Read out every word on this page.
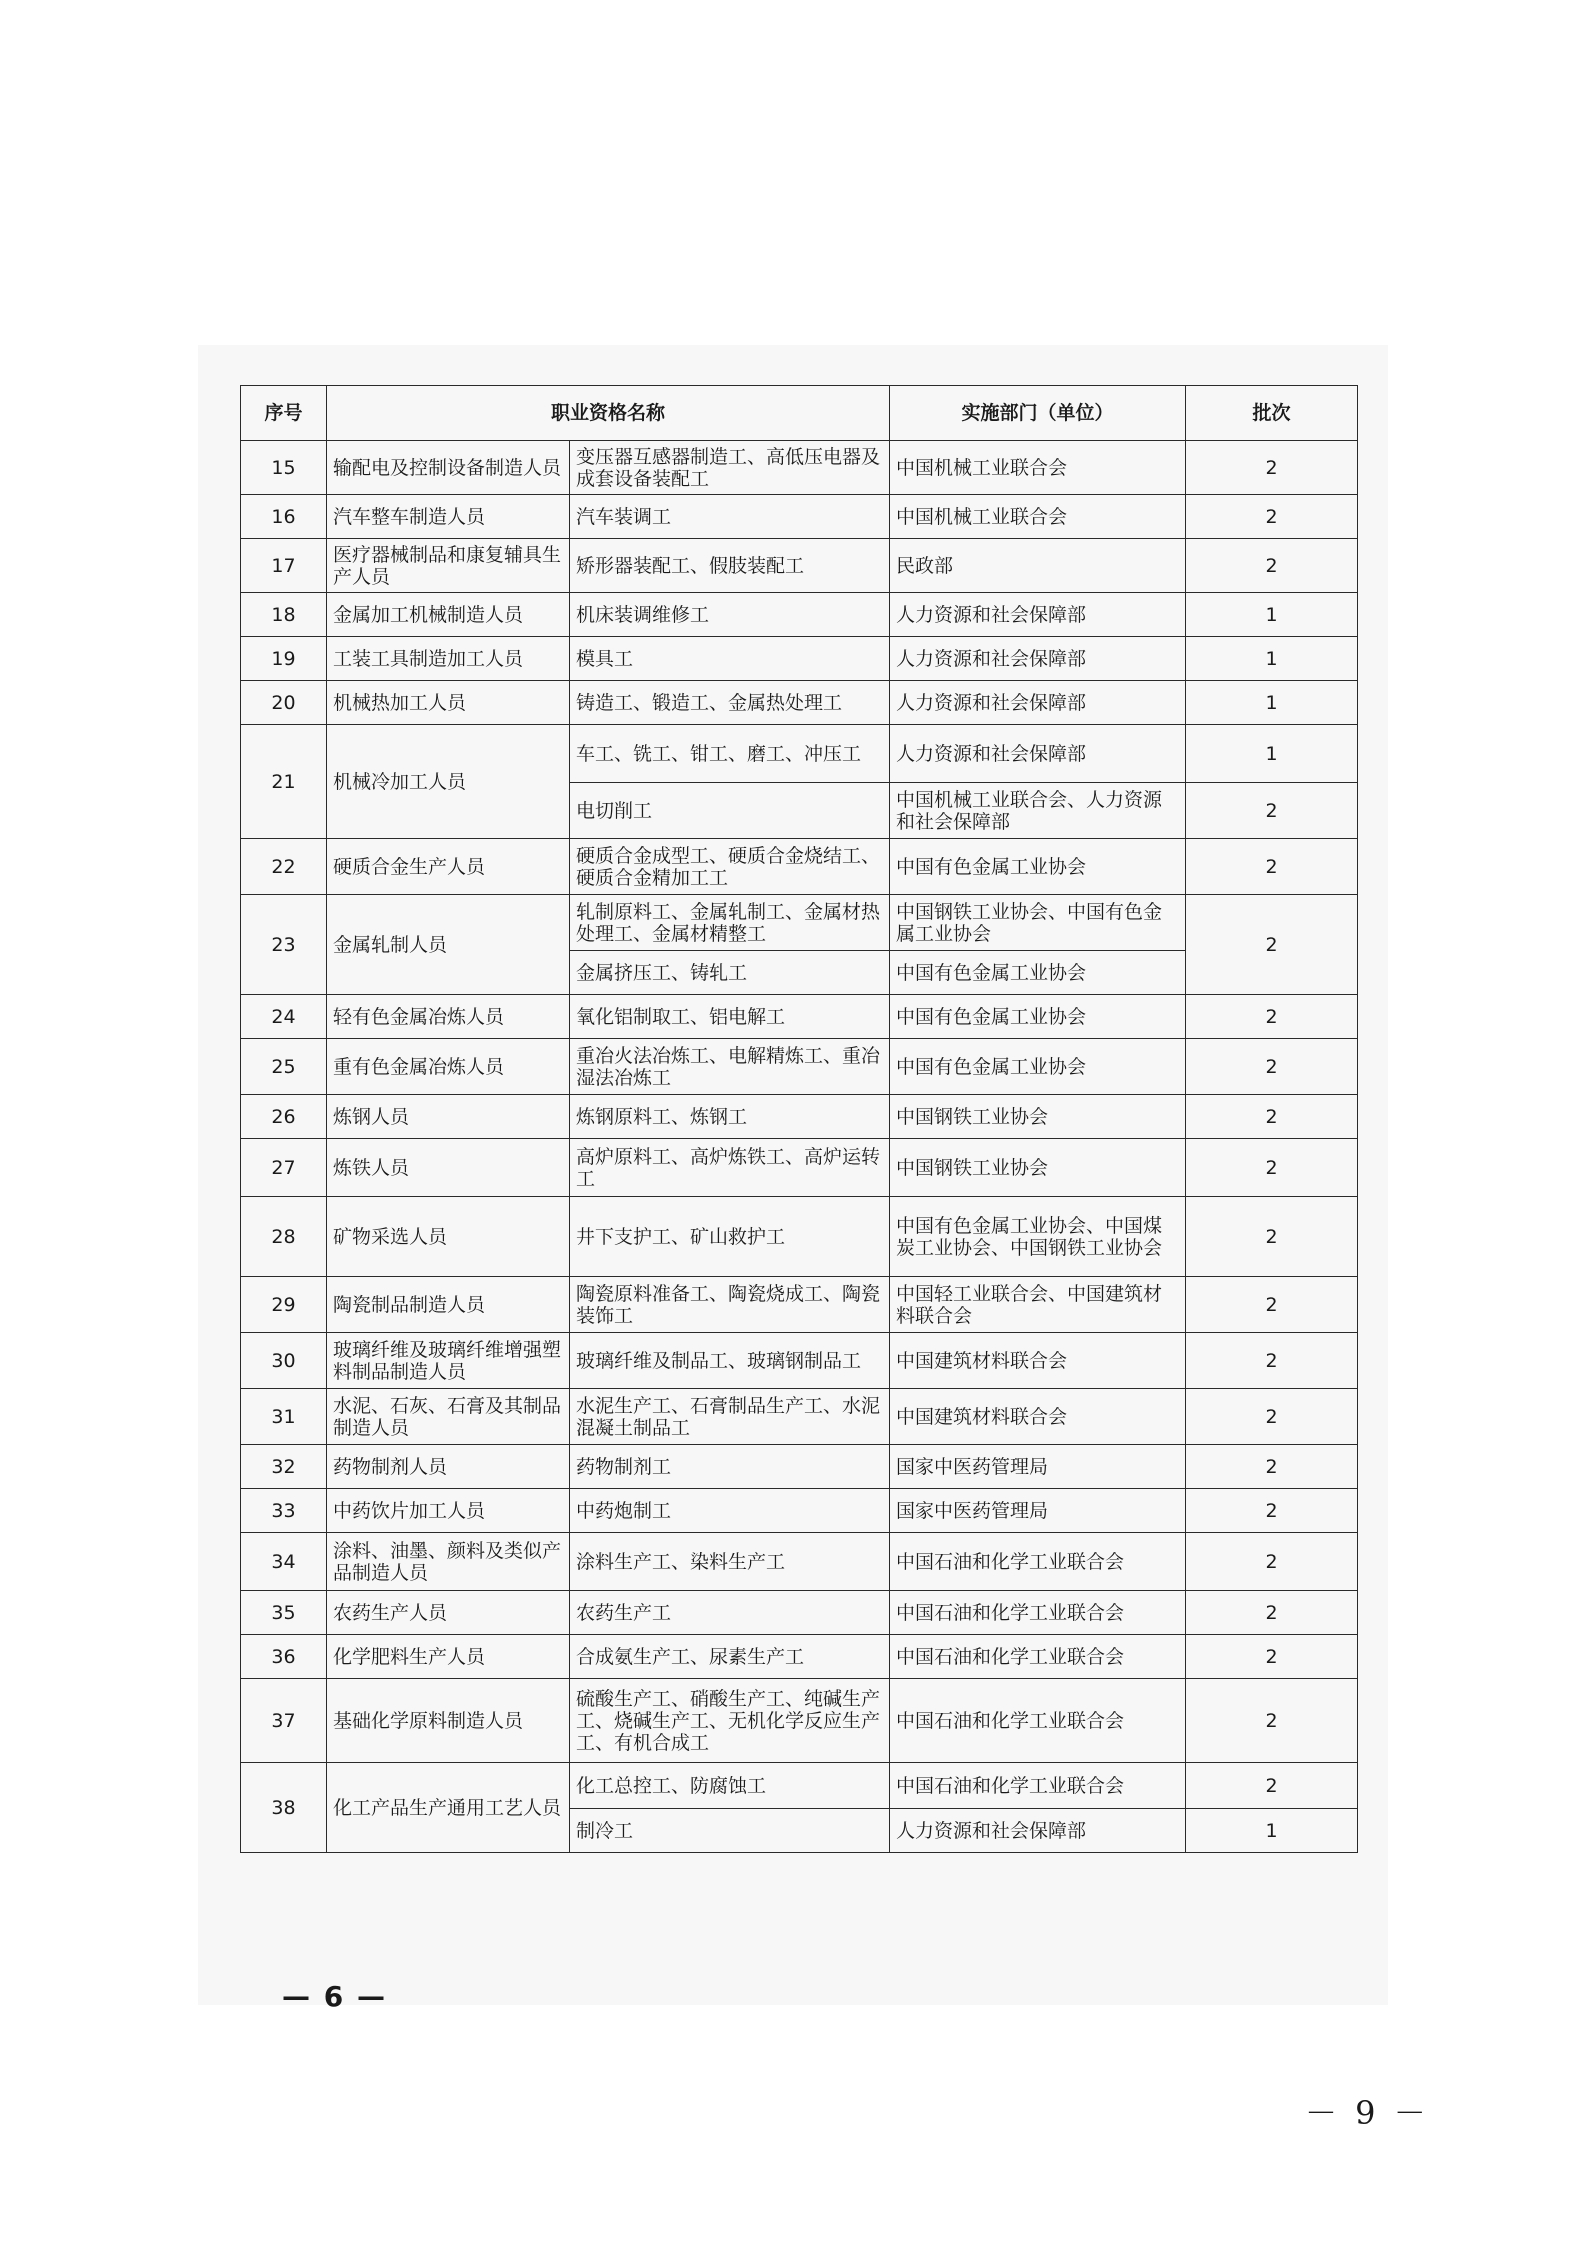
序号	职业资格名称		实施部门（单位）	批次
15	输配电及控制设备制造人员	变压器互感器制造工、高低压电器及成套设备装配工	中国机械工业联合会	2
16	汽车整车制造人员	汽车装调工	中国机械工业联合会	2
17	医疗器械制品和康复辅具生产人员	矫形器装配工、假肢装配工	民政部	2
18	金属加工机械制造人员	机床装调维修工	人力资源和社会保障部	1
19	工装工具制造加工人员	模具工	人力资源和社会保障部	1
20	机械热加工人员	铸造工、锻造工、金属热处理工	人力资源和社会保障部	1
21	机械冷加工人员	车工、铣工、钳工、磨工、冲压工	人力资源和社会保障部	1
		电切削工	中国机械工业联合会、人力资源和社会保障部	2
22	硬质合金生产人员	硬质合金成型工、硬质合金烧结工、硬质合金精加工工	中国有色金属工业协会	2
23	金属轧制人员	轧制原料工、金属轧制工、金属材热处理工、金属材精整工	中国钢铁工业协会、中国有色金属工业协会	2
		金属挤压工、铸轧工	中国有色金属工业协会	
24	轻有色金属冶炼人员	氧化铝制取工、铝电解工	中国有色金属工业协会	2
25	重有色金属冶炼人员	重冶火法冶炼工、电解精炼工、重冶湿法冶炼工	中国有色金属工业协会	2
26	炼钢人员	炼钢原料工、炼钢工	中国钢铁工业协会	2
27	炼铁人员	高炉原料工、高炉炼铁工、高炉运转工	中国钢铁工业协会	2
28	矿物采选人员	井下支护工、矿山救护工	中国有色金属工业协会、中国煤炭工业协会、中国钢铁工业协会	2
29	陶瓷制品制造人员	陶瓷原料准备工、陶瓷烧成工、陶瓷装饰工	中国轻工业联合会、中国建筑材料联合会	2
30	玻璃纤维及玻璃纤维增强塑料制品制造人员	玻璃纤维及制品工、玻璃钢制品工	中国建筑材料联合会	2
31	水泥、石灰、石膏及其制品制造人员	水泥生产工、石膏制品生产工、水泥混凝土制品工	中国建筑材料联合会	2
32	药物制剂人员	药物制剂工	国家中医药管理局	2
33	中药饮片加工人员	中药炮制工	国家中医药管理局	2
34	涂料、油墨、颜料及类似产品制造人员	涂料生产工、染料生产工	中国石油和化学工业联合会	2
35	农药生产人员	农药生产工	中国石油和化学工业联合会	2
36	化学肥料生产人员	合成氨生产工、尿素生产工	中国石油和化学工业联合会	2
37	基础化学原料制造人员	硫酸生产工、硝酸生产工、纯碱生产工、烧碱生产工、无机化学反应生产工、有机合成工	中国石油和化学工业联合会	2
38	化工产品生产通用工艺人员	化工总控工、防腐蚀工	中国石油和化学工业联合会	2
		制冷工	人力资源和社会保障部	1
— 6 —
－ 9 －
